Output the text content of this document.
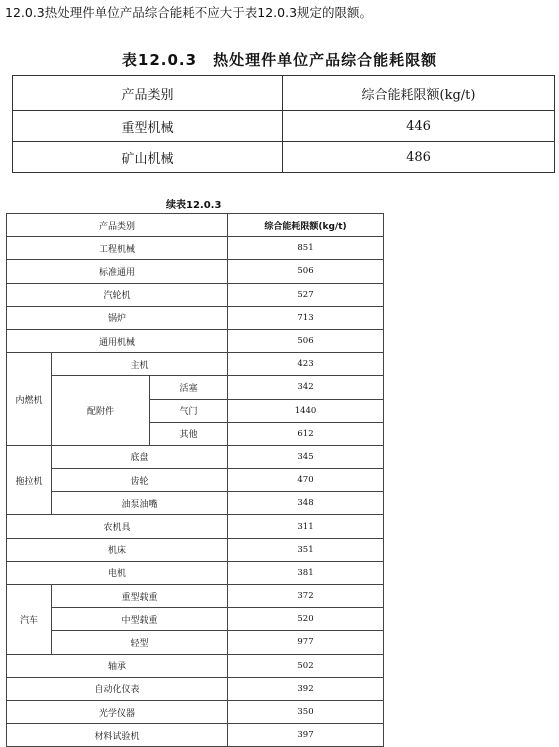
12.0.3热处理件单位产品综合能耗不应大于表12.0.3规定的限额。
表12.0.3　热处理件单位产品综合能耗限额
产品类别	综合能耗限额(kg/t)
重型机械	446
矿山机械	486
续表12.0.3
产品类别			综合能耗限额(kg/t)
工程机械			851
标准通用			506
汽轮机			527
锅炉			713
通用机械			506
内燃机	主机		423
	配附件	活塞	342
		气门	1440
		其他	612
拖拉机	底盘		345
	齿轮		470
	油泵油嘴		348
农机具			311
机床			351
电机			381
汽车	重型载重		372
	中型载重		520
	轻型		977
轴承			502
自动化仪表			392
光学仪器			350
材料试验机			397
